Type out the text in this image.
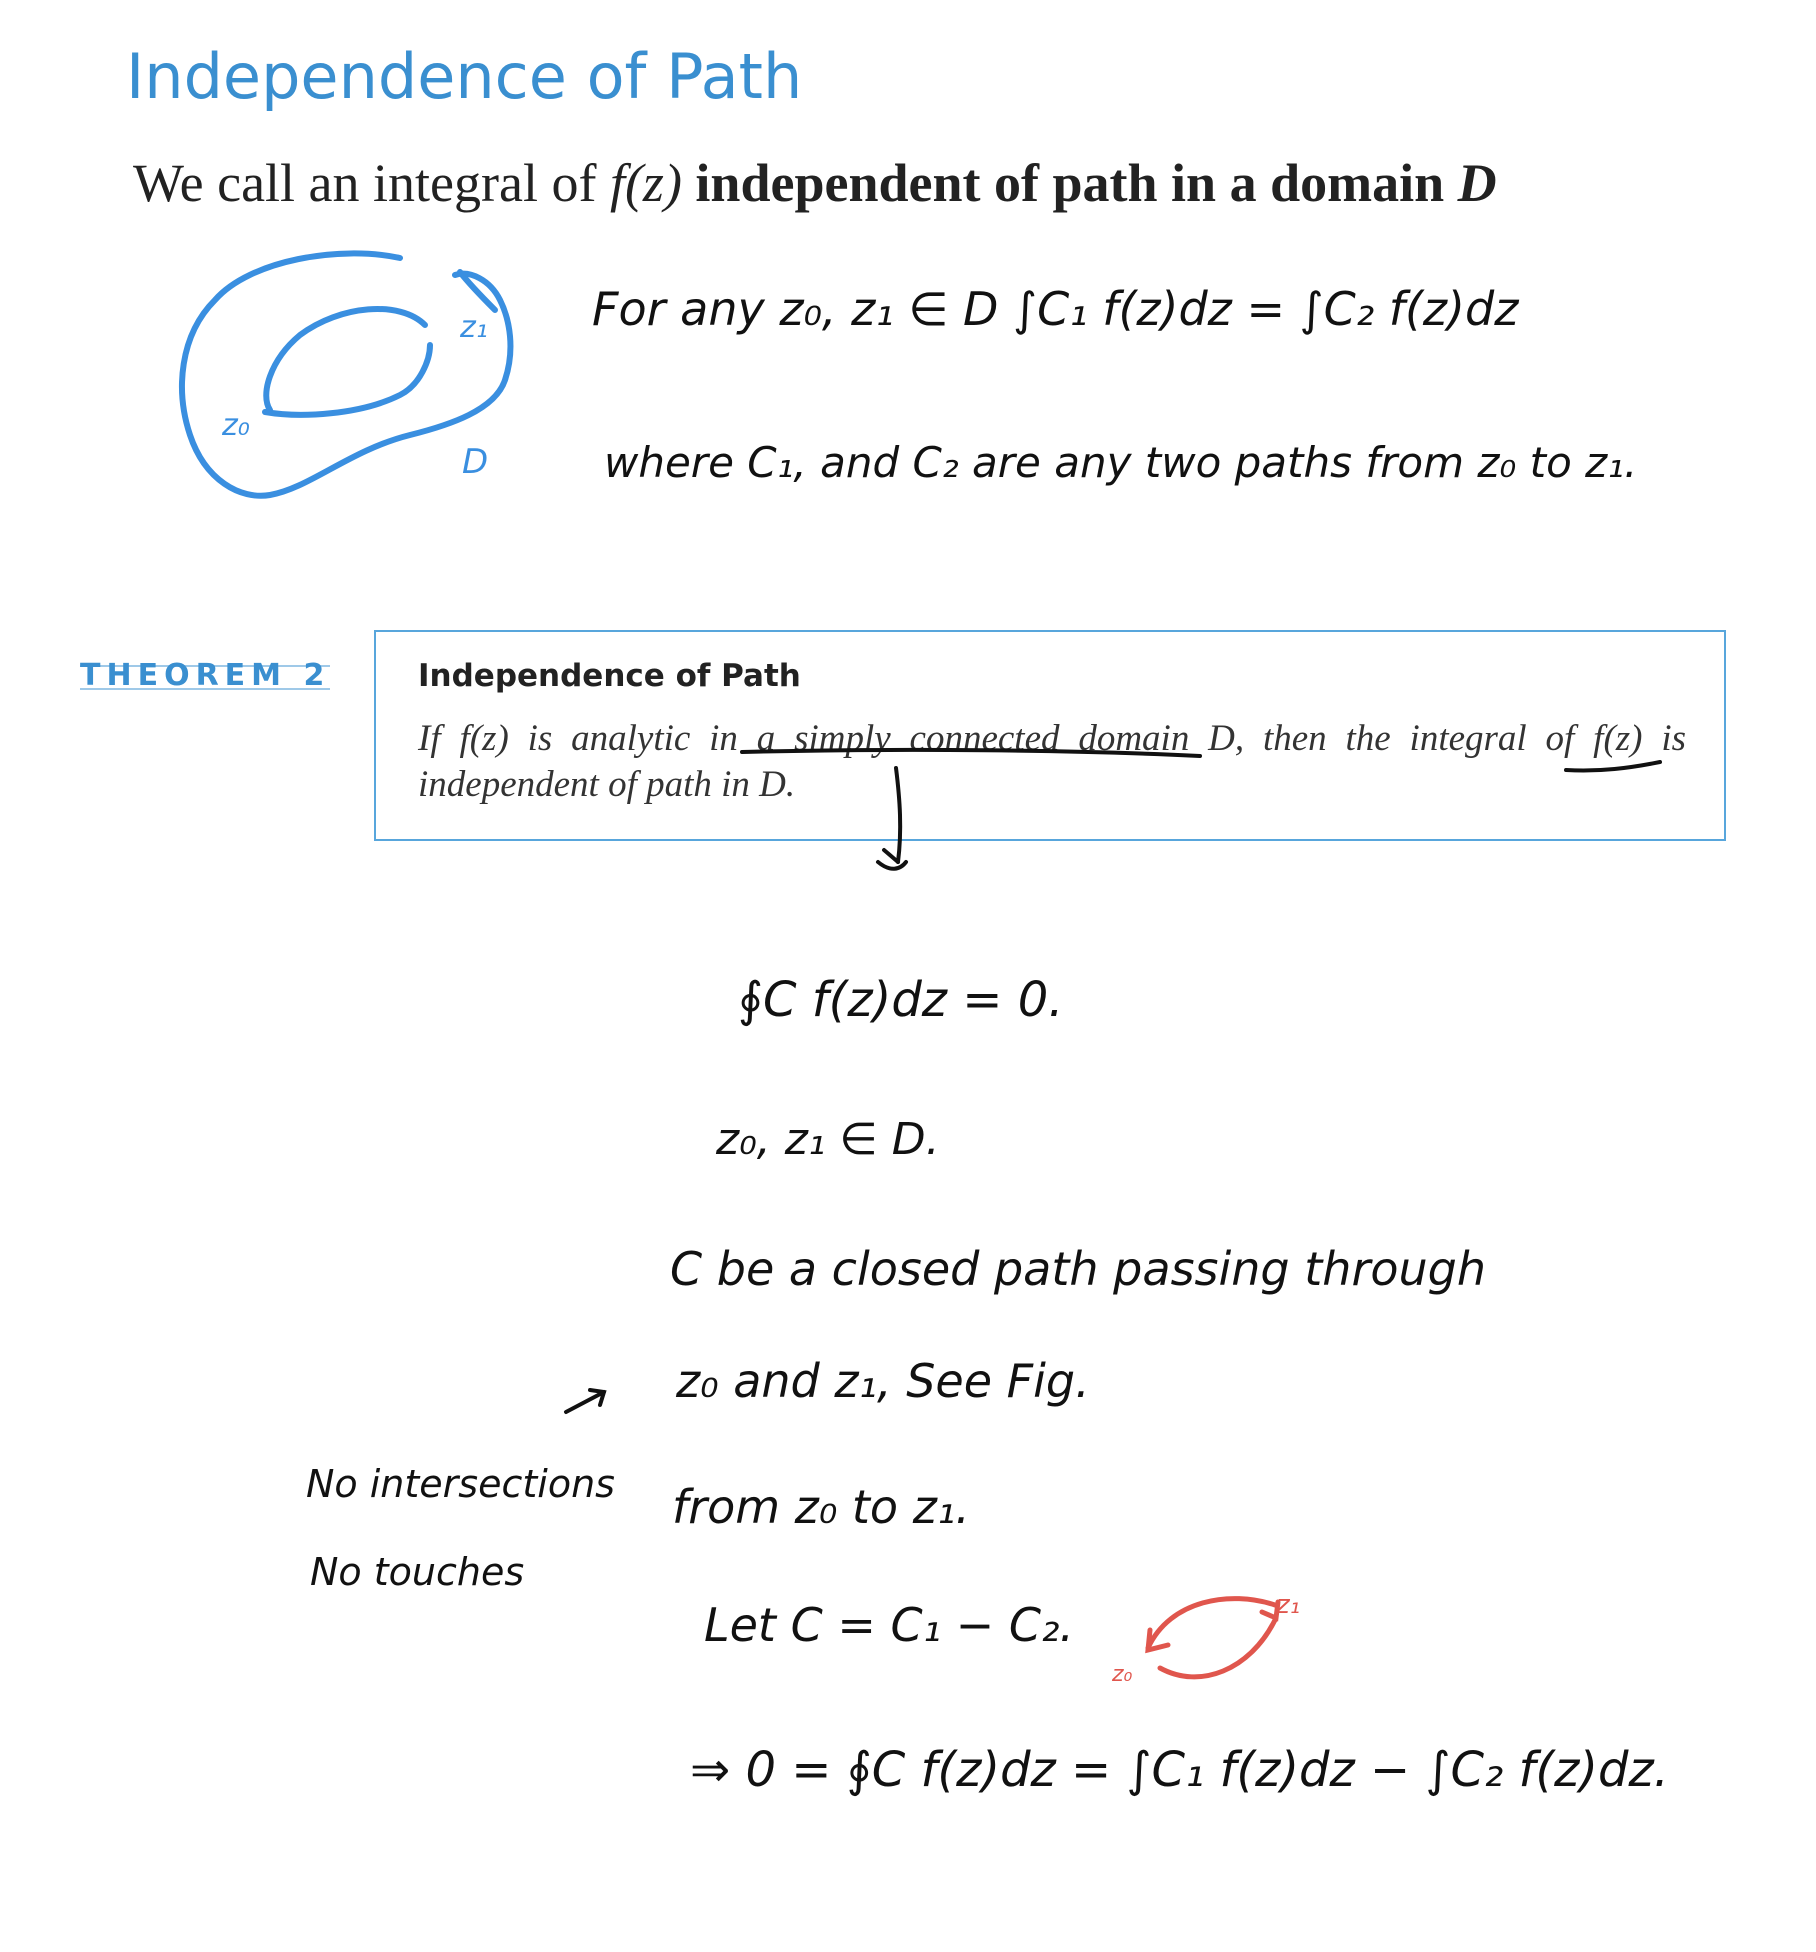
Independence of Path
We call an integral of f(z) independent of path in a domain D
z₀
z₁
D
For any z₀, z₁ ∈ D ∫C₁ f(z)dz = ∫C₂ f(z)dz
where C₁, and C₂ are any two paths from z₀ to z₁.
THEOREM 2	Independence of Path
If f(z) is analytic in a simply connected domain D, then the integral of f(z) is independent of path in D.
∮C f(z)dz = 0.
z₀, z₁ ∈ D.
C be a closed path passing through
z₀ and z₁, See Fig.
No intersections from z₀ to z₁.
No touches
Let C = C₁ − C₂.
z₀
z₁
⇒ 0 = ∮C f(z)dz = ∫C₁ f(z)dz − ∫C₂ f(z)dz.
